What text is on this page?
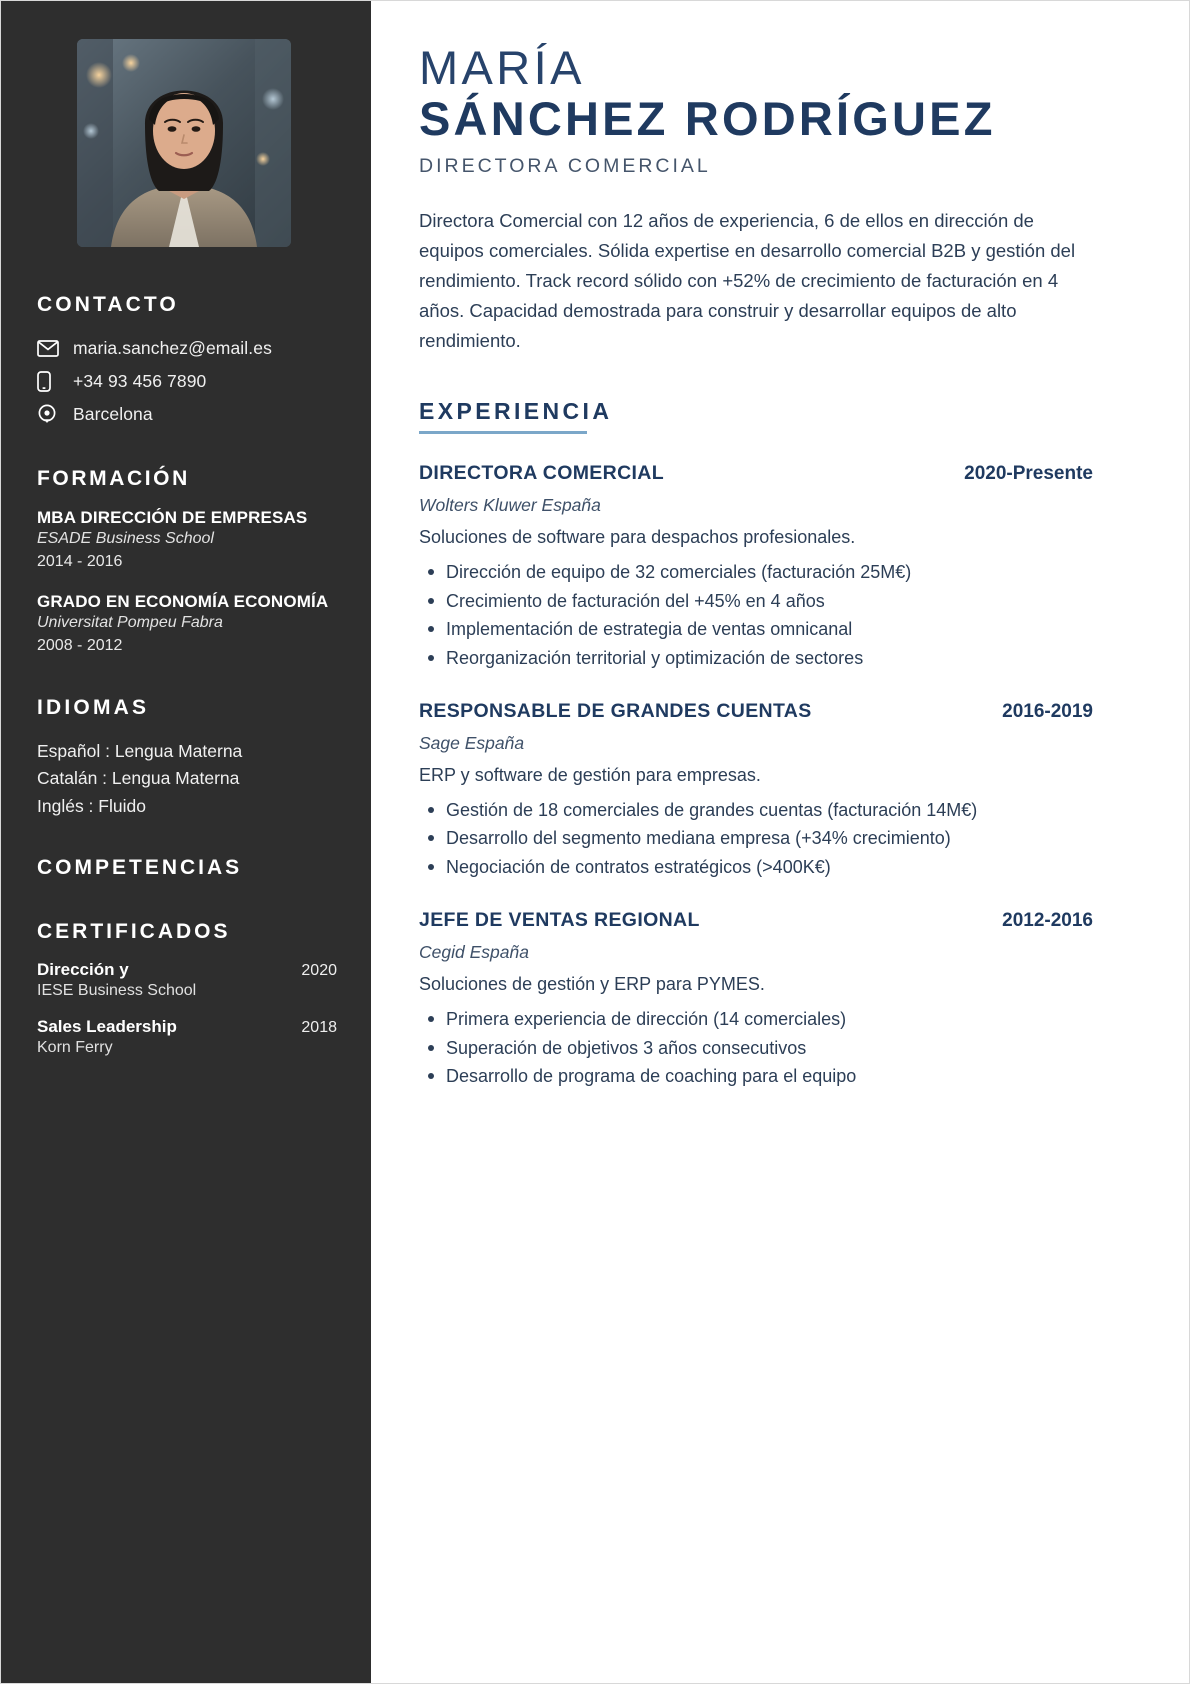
CONTACTO
maria.sanchez@email.es
+34 93 456 7890
Barcelona
FORMACIÓN
MBA DIRECCIÓN DE EMPRESAS
ESADE Business School
2014 - 2016
GRADO EN ECONOMÍA ECONOMÍA
Universitat Pompeu Fabra
2008 - 2012
IDIOMAS
Español : Lengua Materna
Catalán : Lengua Materna
Inglés : Fluido
COMPETENCIAS
CERTIFICADOS
Dirección y	2020
IESE Business School
Sales Leadership	2018
Korn Ferry
MARÍA
SÁNCHEZ RODRÍGUEZ
DIRECTORA COMERCIAL

Directora Comercial con 12 años de experiencia, 6 de ellos en dirección de equipos comerciales. Sólida expertise en desarrollo comercial B2B y gestión del rendimiento. Track record sólido con +52% de crecimiento de facturación en 4 años. Capacidad demostrada para construir y desarrollar equipos de alto rendimiento.

EXPERIENCIA
DIRECTORA COMERCIAL	2020-Presente
Wolters Kluwer España
Soluciones de software para despachos profesionales.
Dirección de equipo de 32 comerciales (facturación 25M€)
Crecimiento de facturación del +45% en 4 años
Implementación de estrategia de ventas omnicanal
Reorganización territorial y optimización de sectores
RESPONSABLE DE GRANDES CUENTAS	2016-2019
Sage España
ERP y software de gestión para empresas.
Gestión de 18 comerciales de grandes cuentas (facturación 14M€)
Desarrollo del segmento mediana empresa (+34% crecimiento)
Negociación de contratos estratégicos (>400K€)
JEFE DE VENTAS REGIONAL	2012-2016
Cegid España
Soluciones de gestión y ERP para PYMES.
Primera experiencia de dirección (14 comerciales)
Superación de objetivos 3 años consecutivos
Desarrollo de programa de coaching para el equipo
